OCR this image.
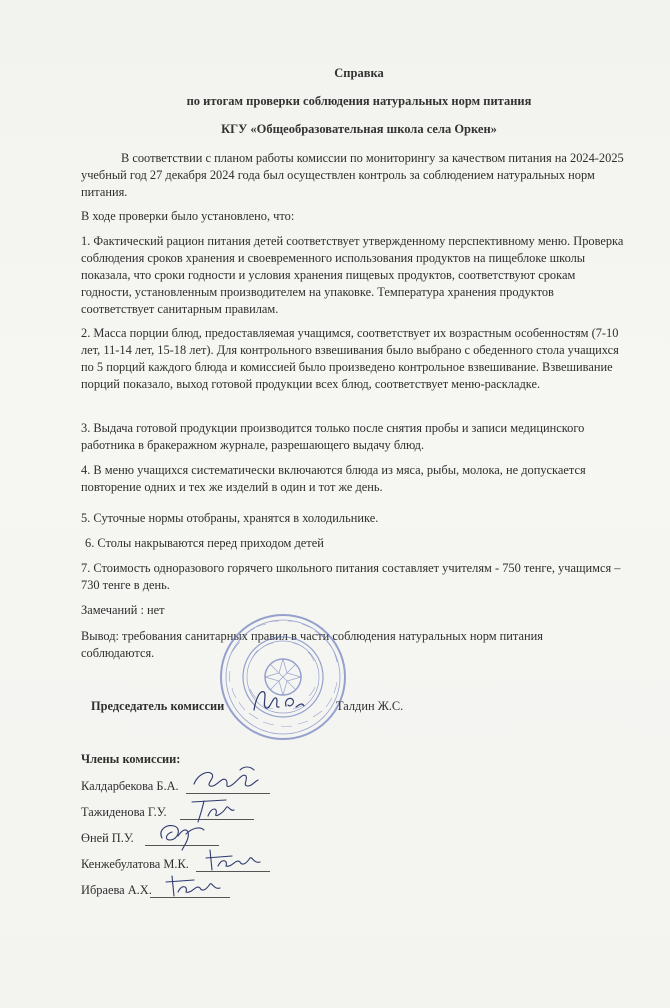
Справка
по итогам проверки соблюдения натуральных норм питания
КГУ «Общеобразовательная школа села Оркен»
В соответствии с планом работы комиссии по мониторингу за качеством питания на 2024-2025 учебный год 27 декабря 2024 года был осуществлен контроль за соблюдением натуральных норм питания.
В ходе проверки было установлено, что:
1. Фактический рацион питания детей соответствует утвержденному перспективному меню. Проверка соблюдения сроков хранения и своевременного использования продуктов на пищеблоке школы показала, что сроки годности и условия хранения пищевых продуктов, соответствуют срокам годности, установленным производителем на упаковке. Температура хранения продуктов соответствует санитарным правилам.
2. Масса порции блюд, предоставляемая учащимся, соответствует их возрастным особенностям (7-10 лет, 11-14 лет, 15-18 лет). Для контрольного взвешивания было выбрано с обеденного стола учащихся по 5 порций каждого блюда и комиссией было произведено контрольное взвешивание. Взвешивание порций показало, выход готовой продукции всех блюд, соответствует меню-раскладке.
3. Выдача готовой продукции производится только после снятия пробы и записи медицинского работника в бракеражном журнале, разрешающего выдачу блюд.
4. В меню учащихся систематически включаются блюда из мяса, рыбы, молока, не допускается повторение одних и тех же изделий в один и тот же день.
5. Суточные нормы отобраны, хранятся в холодильнике.
6. Столы накрываются перед приходом детей
7. Стоимость одноразового горячего школьного питания составляет учителям - 750 тенге, учащимся – 730 тенге в день.
Замечаний : нет
Вывод: требования санитарных правил в части соблюдения натуральных норм питания соблюдаются.
Председатель комиссии	Талдин Ж.С.
Члены комиссии:
Калдарбекова Б.А.
Тажиденова Г.У.
Өней П.У.
Кенжебулатова М.К.
Ибраева А.Х.
